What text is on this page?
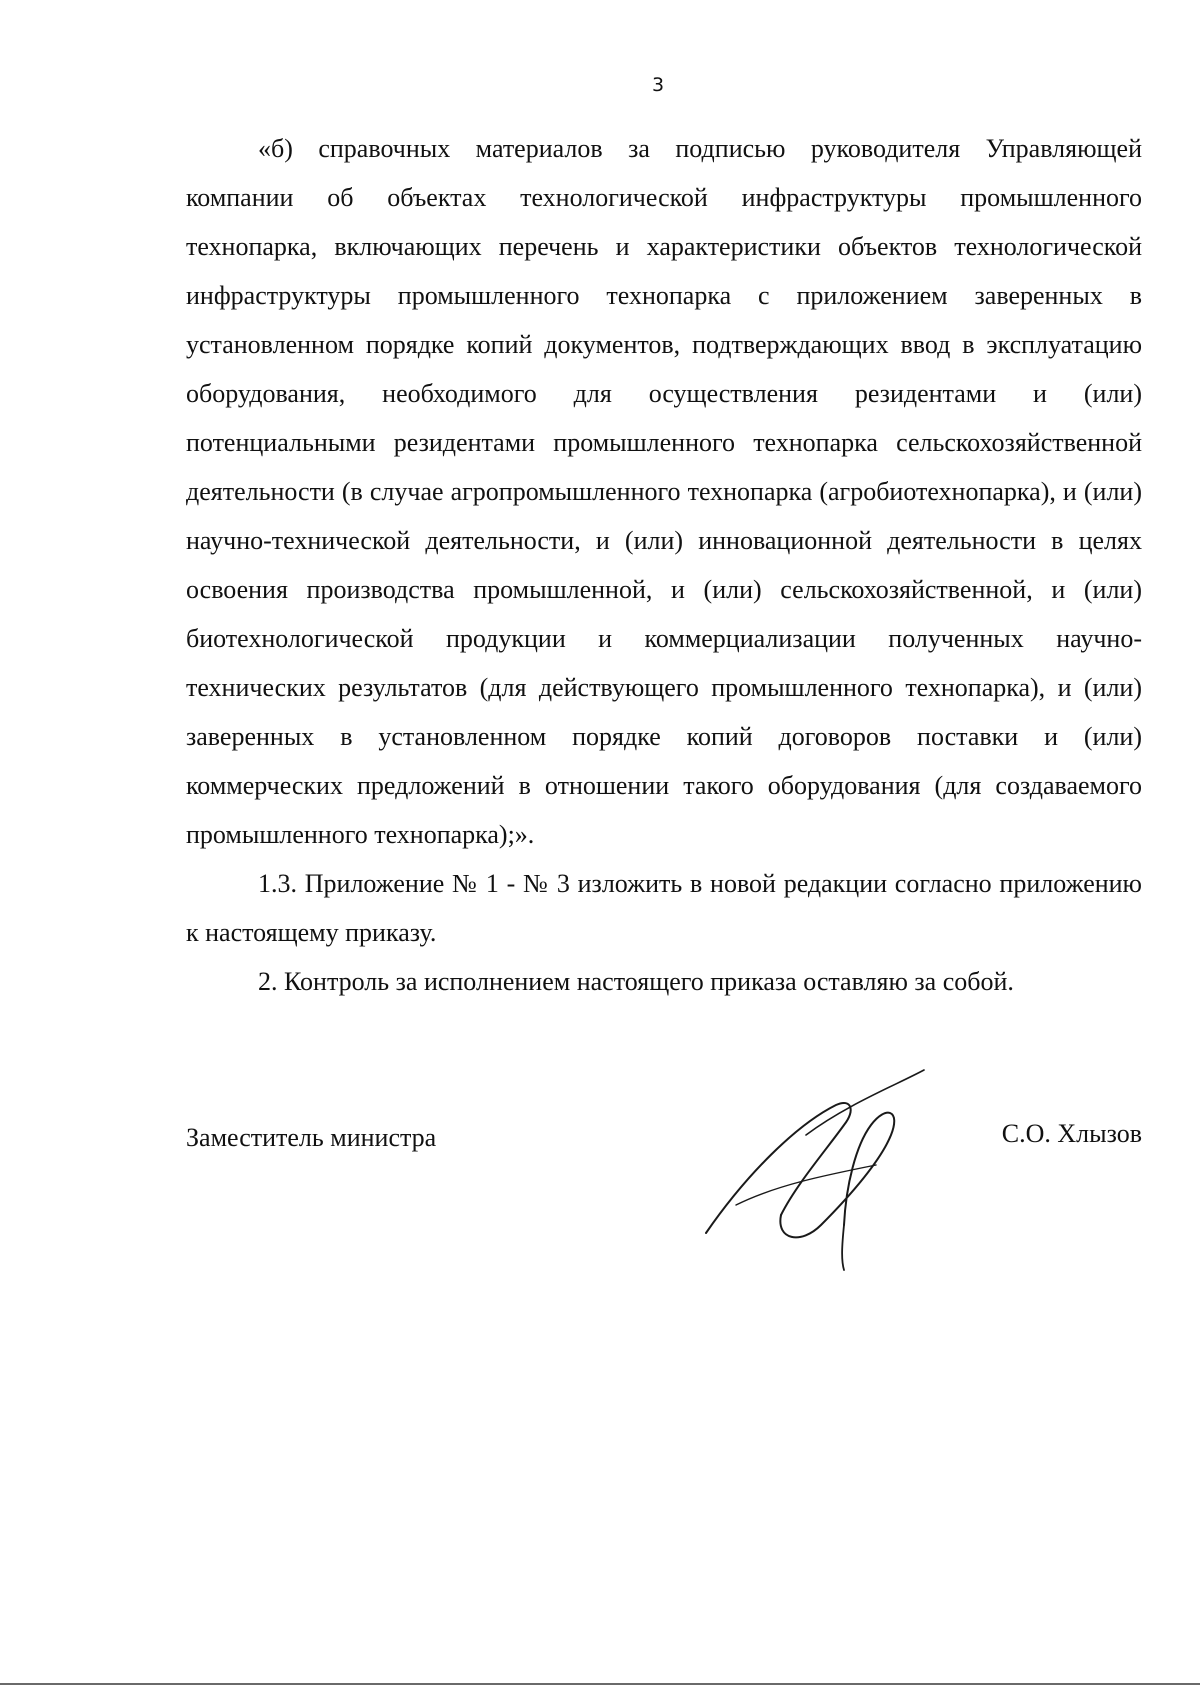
3

«б) справочных материалов за подписью руководителя Управляющей компании об объектах технологической инфраструктуры промышленного технопарка, включающих перечень и характеристики объектов технологической инфраструктуры промышленного технопарка с приложением заверенных в установленном порядке копий документов, подтверждающих ввод в эксплуатацию оборудования, необходимого для осуществления резидентами и (или) потенциальными резидентами промышленного технопарка сельскохозяйственной деятельности (в случае агропромышленного технопарка (агробиотехнопарка), и (или) научно-технической деятельности, и (или) инновационной деятельности в целях освоения производства промышленной, и (или) сельскохозяйственной, и (или) биотехнологической продукции и коммерциализации полученных научно-технических результатов (для действующего промышленного технопарка), и (или) заверенных в установленном порядке копий договоров поставки и (или) коммерческих предложений в отношении такого оборудования (для создаваемого промышленного технопарка);».

1.3. Приложение № 1 - № 3 изложить в новой редакции согласно приложению к настоящему приказу.

2. Контроль за исполнением настоящего приказа оставляю за собой.

Заместитель министра	С.О. Хлызов
